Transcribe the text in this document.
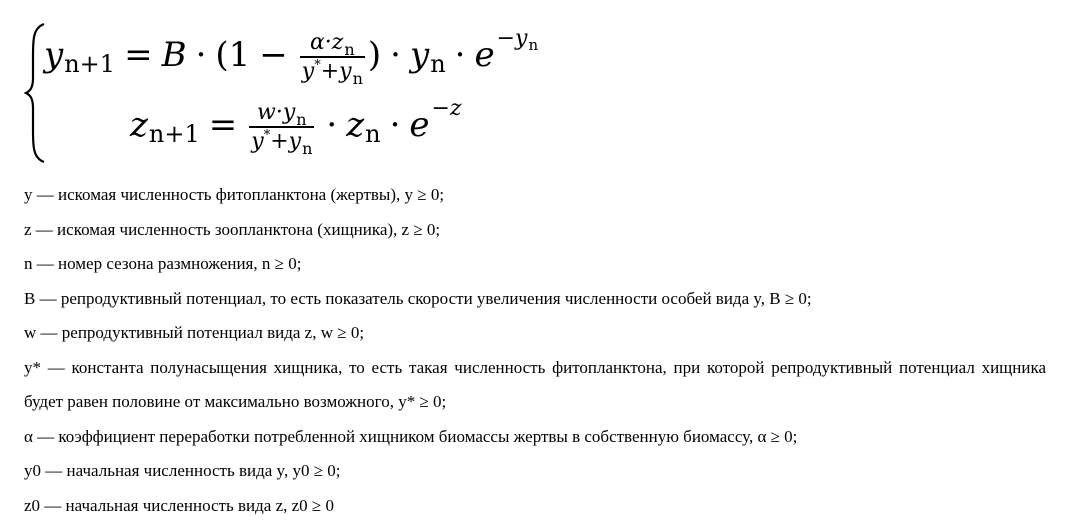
y $n+1 = B \cdot (1 - \frac{\alpha\cdot z_n}{y^*+y_n}$ ) · y $n \cdot e -y_n$
z $n+1 = \frac{w\cdot y_n}{y^*+y_n} \cdot z$ n · e −z

y — искомая численность фитопланктона (жертвы), y ≥ 0;

z — искомая численность зоопланктона (хищника), z ≥ 0;

n — номер сезона размножения, n ≥ 0;

B — репродуктивный потенциал, то есть показатель скорости увеличения численности особей вида y, B ≥ 0;

w — репродуктивный потенциал вида z, w ≥ 0;

y* — константа полунасыщения хищника, то есть такая численность фитопланктона, при которой репродуктивный потенциал хищника будет равен половине от максимально возможного, y* ≥ 0;

α — коэффициент переработки потребленной хищником биомассы жертвы в собственную биомассу, α ≥ 0;

y0 — начальная численность вида y, y0 ≥ 0;

z0 — начальная численность вида z, z0 ≥ 0
